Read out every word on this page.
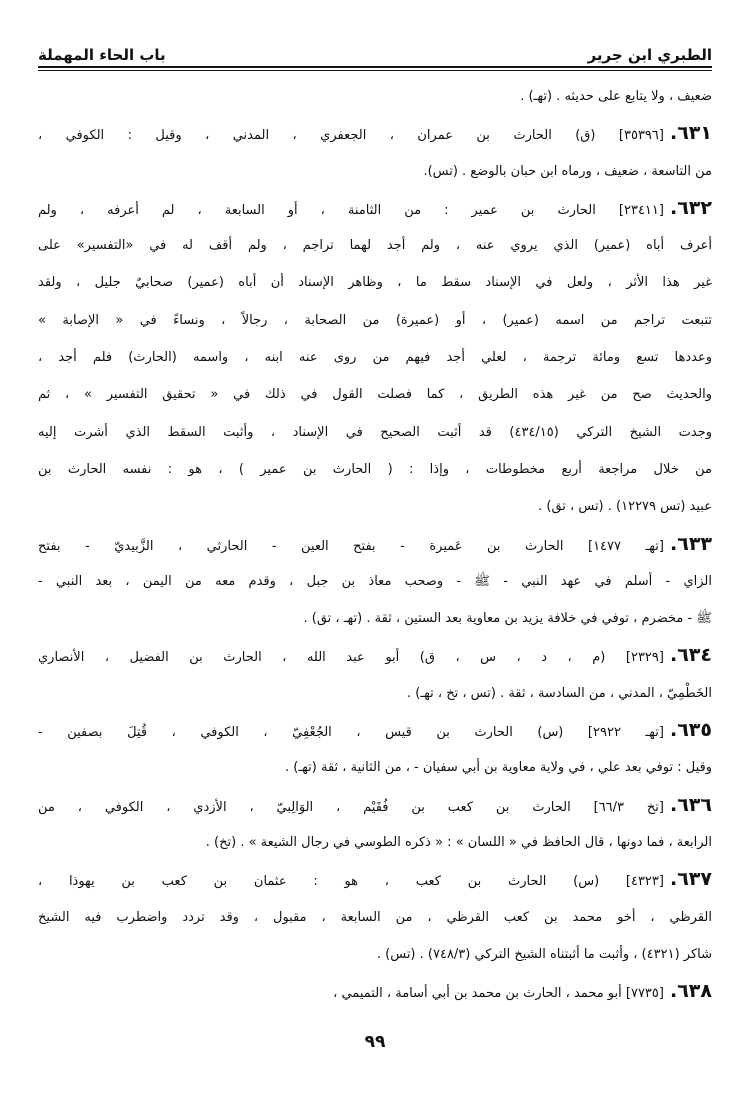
الطبري ابن جرير
باب الحاء المهملة
ضعيف ، ولا يتابع على حديثه . (تهـ) .
٦٣١.[٣٥٣٩٦] (ق) الحارث بن عمران ، الجعفري ، المدني ، وقيل : الكوفي ،
من التاسعة ، ضعيف ، ورماه ابن حبان بالوضع . (تس).
٦٣٢.[٢٣٤١١] الحارث بن عمير : من الثامنة ، أو السابعة ، لم أعرفه ، ولم
أعرف أباه (عمير) الذي يروي عنه ، ولم أجد لهما تراجم ، ولم أقف له في «التفسير» على
غير هذا الأثر ، ولعل في الإسناد سقط ما ، وظاهر الإسناد أن أباه (عمير) صحابيٌ جليل ، ولقد
تتبعت تراجم من اسمه (عمير) ، أو (عميرة) من الصحابة ، رجالاً ، ونساءً في « الإصابة »
وعددها تسع ومائة ترجمة ، لعلي أجد فيهم من روى عنه ابنه ، واسمه (الحارث) فلم أجد ،
والحديث صح من غير هذه الطريق ، كما فصلت القول في ذلك في « تحقيق التفسير » ، ثم
وجدت الشيخ التركي (٤٣٤/١٥) قد أثبت الصحيح في الإسناد ، وأثبت السقط الذي أشرت إليه
من خلال مراجعة أربع مخطوطات ، وإذا : ( الحارث بن عمير ) ، هو : نفسه الحارث بن
عبيد (تس ١٢٢٧٩) . (تس ، تق) .
٦٣٣.[تهـ ١٤٧٧] الحارث بن عَميرة - بفتح العين - الحارثي ، الزَّبيديّ - بفتح
الزاي - أسلم في عهد النبي - ﷺ - وصحب معاذ بن جبل ، وقدم معه من اليمن ، بعد النبي -
ﷺ - مخضرم ، توفي في خلافة يزيد بن معاوية بعد الستين ، ثقة . (تهـ ، تق) .
٦٣٤.[٢٣٢٩] (م ، د ، س ، ق) أبو عبد الله ، الحارث بن الفضيل ، الأنصاري
الخَطْمِيّ ، المدني ، من السادسة ، ثقة . (تس ، تخ ، تهـ) .
٦٣٥.[تهـ ٢٩٢٢] (س) الحارث بن قيس ، الجُعْفِيّ ، الكوفي ، قُتِلَ بصفين -
وقيل : توفي بعد علي ، في ولاية معاوية بن أبي سفيان - ، من الثانية ، ثقة (تهـ) .
٦٣٦.[تخ ٦٦/٣] الحارث بن كعب بن فُقَيْم ، الوَالِبيّ ، الأزدي ، الكوفي ، من
الرابعة ، فما دونها ، قال الحافظ في « اللسان » : « ذكره الطوسي في رجال الشيعة » . (تخ) .
٦٣٧.[٤٣٢٣] (س) الحارث بن كعب ، هو : عثمان بن كعب بن يهوذا ،
القرظي ، أخو محمد بن كعب القرظي ، من السابعة ، مقبول ، وقد تردد واضطرب فيه الشيخ
شاكر (٤٣٢١) ، وأثبت ما أثبتناه الشيخ التركي (٧٤٨/٣) . (تس) .
٦٣٨.[٧٧٣٥] أبو محمد ، الحارث بن محمد بن أبي أسامة ، التميمي ،
٩٩
